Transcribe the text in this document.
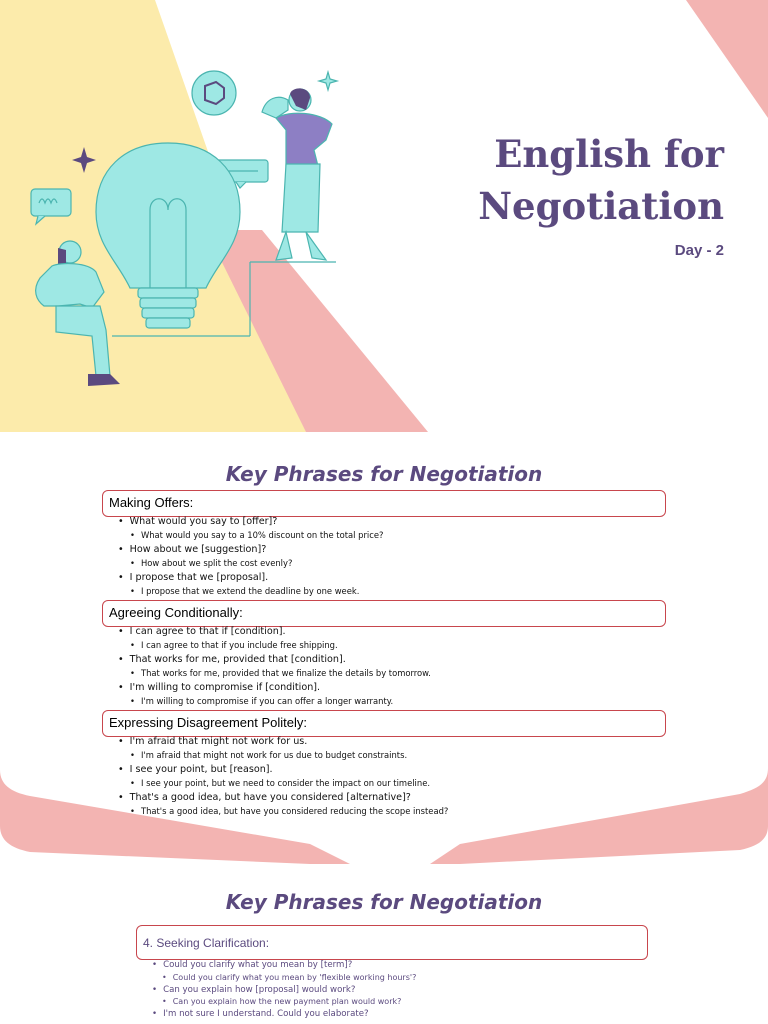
English for
Negotiation
Day - 2
Key Phrases for Negotiation
Making Offers:
• What would you say to [offer]?
• What would you say to a 10% discount on the total price?
• How about we [suggestion]?
• How about we split the cost evenly?
• I propose that we [proposal].
• I propose that we extend the deadline by one week.
Agreeing Conditionally:
• I can agree to that if [condition].
• I can agree to that if you include free shipping.
• That works for me, provided that [condition].
• That works for me, provided that we finalize the details by tomorrow.
• I'm willing to compromise if [condition].
• I'm willing to compromise if you can offer a longer warranty.
Expressing Disagreement Politely:
• I'm afraid that might not work for us.
• I'm afraid that might not work for us due to budget constraints.
• I see your point, but [reason].
• I see your point, but we need to consider the impact on our timeline.
• That's a good idea, but have you considered [alternative]?
• That's a good idea, but have you considered reducing the scope instead?
Key Phrases for Negotiation
4. Seeking Clarification:
• Could you clarify what you mean by [term]?
• Could you clarify what you mean by 'flexible working hours'?
• Can you explain how [proposal] would work?
• Can you explain how the new payment plan would work?
• I'm not sure I understand. Could you elaborate?
